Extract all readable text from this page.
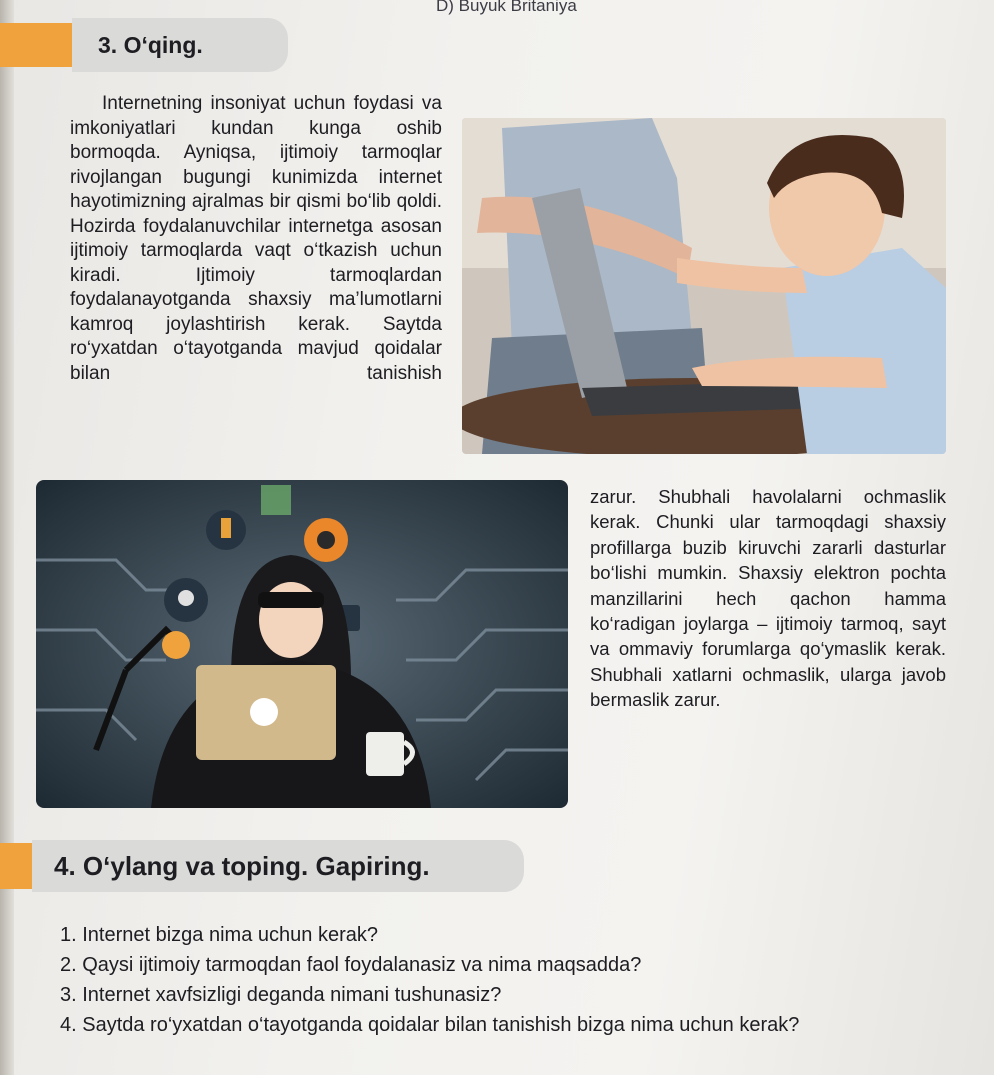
D) Buyuk Britaniya

3. O‘qing.

Internetning insoniyat uchun foydasi va imkoniyatlari kundan kunga oshib bormoqda. Ayniqsa, ijtimoiy tarmoqlar rivojlangan bugungi kunimizda internet hayotimizning ajralmas bir qismi bo‘lib qoldi. Hozirda foydalanuvchilar internetga asosan ijtimoiy tarmoqlarda vaqt o‘tkazish uchun kiradi. Ijtimoiy tarmoqlardan foydalanayotganda shaxsiy ma’lumotlarni kamroq joylashtirish kerak. Saytda ro‘yxatdan o‘tayotganda mavjud qoidalar bilan tanishish

zarur. Shubhali havolalarni ochmaslik kerak. Chunki ular tarmoqdagi shaxsiy profillarga buzib kiruvchi zararli dasturlar bo‘lishi mumkin. Shaxsiy elektron pochta manzillarini hech qachon hamma ko‘radigan joylarga – ijtimoiy tarmoq, sayt va ommaviy forumlarga qo‘ymaslik kerak. Shubhali xatlarni ochmaslik, ularga javob bermaslik zarur.

4. O‘ylang va toping. Gapiring.
1. Internet bizga nima uchun kerak?
2. Qaysi ijtimoiy tarmoqdan faol foydalanasiz va nima maqsadda?
3. Internet xavfsizligi deganda nimani tushunasiz?
4. Saytda ro‘yxatdan o‘tayotganda qoidalar bilan tanishish bizga nima uchun kerak?
